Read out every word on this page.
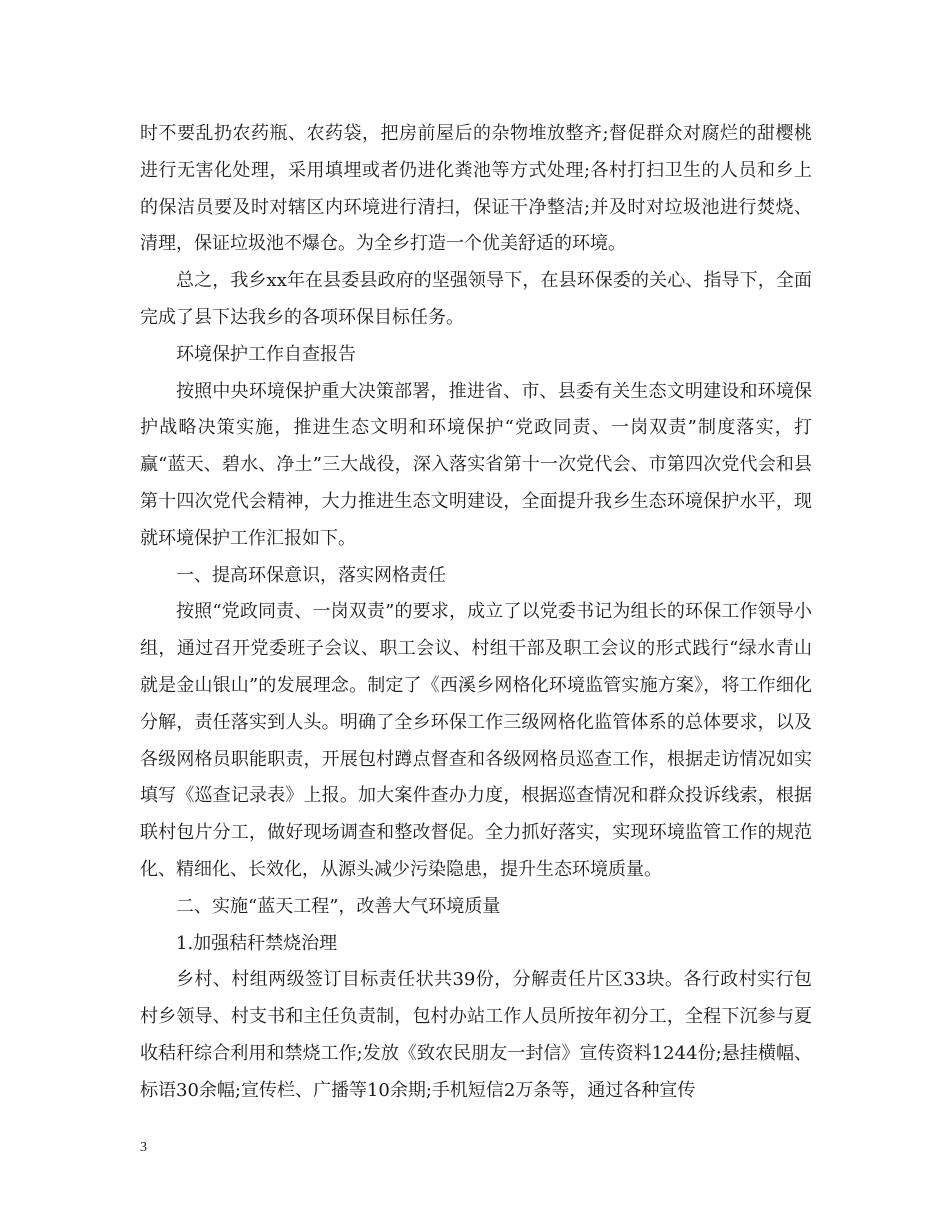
时不要乱扔农药瓶、农药袋，把房前屋后的杂物堆放整齐;督促群众对腐烂的甜樱桃进行无害化处理，采用填埋或者仍进化粪池等方式处理;各村打扫卫生的人员和乡上的保洁员要及时对辖区内环境进行清扫，保证干净整洁;并及时对垃圾池进行焚烧、清理，保证垃圾池不爆仓。为全乡打造一个优美舒适的环境。

总之，我乡xx年在县委县政府的坚强领导下，在县环保委的关心、指导下，全面完成了县下达我乡的各项环保目标任务。

环境保护工作自查报告

按照中央环境保护重大决策部署，推进省、市、县委有关生态文明建设和环境保护战略决策实施，推进生态文明和环境保护“党政同责、一岗双责”制度落实，打赢“蓝天、碧水、净土”三大战役，深入落实省第十一次党代会、市第四次党代会和县第十四次党代会精神，大力推进生态文明建设，全面提升我乡生态环境保护水平，现就环境保护工作汇报如下。

一、提高环保意识，落实网格责任

按照“党政同责、一岗双责”的要求，成立了以党委书记为组长的环保工作领导小组，通过召开党委班子会议、职工会议、村组干部及职工会议的形式践行“绿水青山就是金山银山”的发展理念。制定了《西溪乡网格化环境监管实施方案》，将工作细化分解，责任落实到人头。明确了全乡环保工作三级网格化监管体系的总体要求，以及各级网格员职能职责，开展包村蹲点督查和各级网格员巡查工作，根据走访情况如实填写《巡查记录表》上报。加大案件查办力度，根据巡查情况和群众投诉线索，根据联村包片分工，做好现场调查和整改督促。全力抓好落实，实现环境监管工作的规范化、精细化、长效化，从源头减少污染隐患，提升生态环境质量。

二、实施“蓝天工程”，改善大气环境质量

1.加强秸秆禁烧治理

乡村、村组两级签订目标责任状共39份，分解责任片区33块。各行政村实行包村乡领导、村支书和主任负责制，包村办站工作人员所按年初分工，全程下沉参与夏收秸秆综合利用和禁烧工作;发放《致农民朋友一封信》宣传资料1244份;悬挂横幅、标语30余幅;宣传栏、广播等10余期;手机短信2万条等，通过各种宣传

3
